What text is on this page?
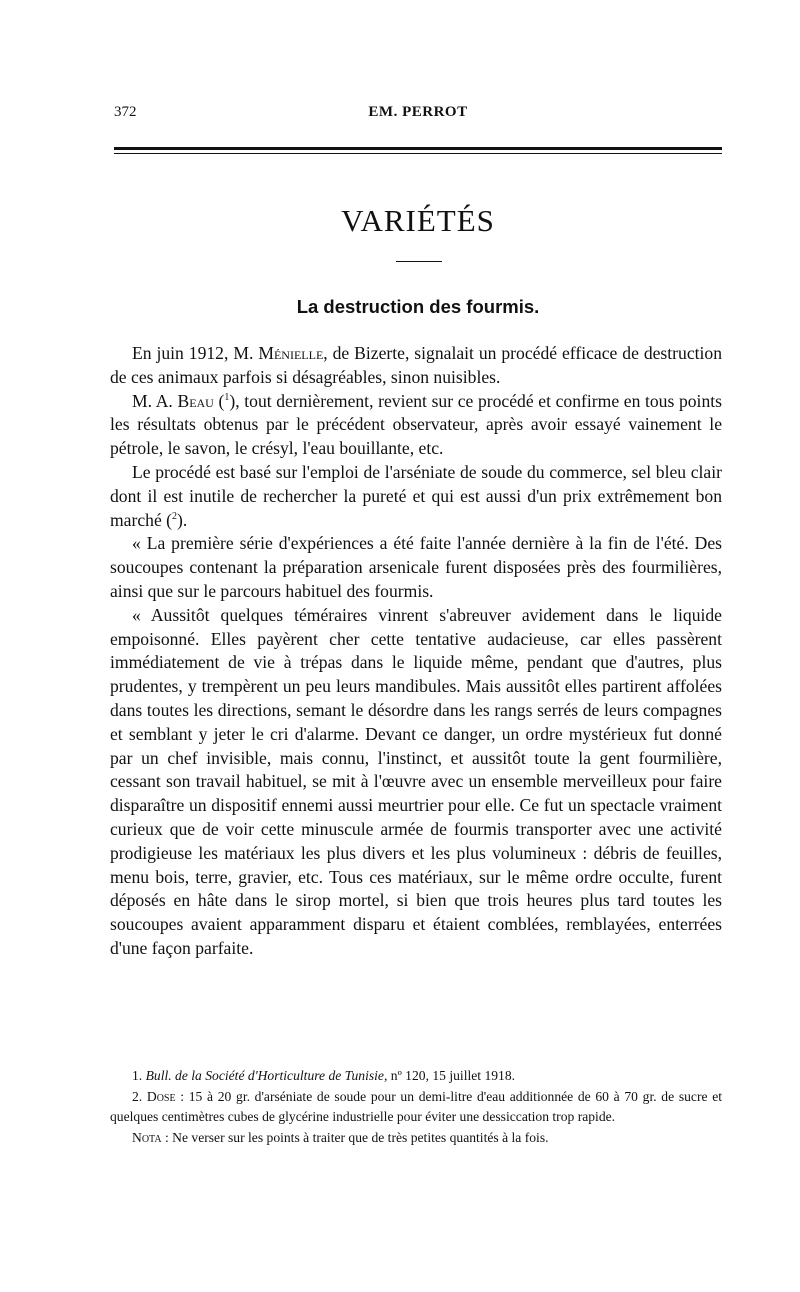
372	EM. PERROT
VARIÉTÉS
La destruction des fourmis.

En juin 1912, M. Ménielle, de Bizerte, signalait un procédé efficace de destruction de ces animaux parfois si désagréables, sinon nuisibles.

M. A. Beau ($^1$), tout dernièrement, revient sur ce procédé et confirme en tous points les résultats obtenus par le précédent observateur, après avoir essayé vainement le pétrole, le savon, le crésyl, l'eau bouillante, etc.

Le procédé est basé sur l'emploi de l'arséniate de soude du commerce, sel bleu clair dont il est inutile de rechercher la pureté et qui est aussi d'un prix extrêmement bon marché ($^2$).

« La première série d'expériences a été faite l'année dernière à la fin de l'été. Des soucoupes contenant la préparation arsenicale furent disposées près des fourmilières, ainsi que sur le parcours habituel des fourmis.

« Aussitôt quelques téméraires vinrent s'abreuver avidement dans le liquide empoisonné. Elles payèrent cher cette tentative audacieuse, car elles passèrent immédiatement de vie à trépas dans le liquide même, pendant que d'autres, plus prudentes, y trempèrent un peu leurs mandibules. Mais aussitôt elles partirent affolées dans toutes les directions, semant le désordre dans les rangs serrés de leurs compagnes et semblant y jeter le cri d'alarme. Devant ce danger, un ordre mystérieux fut donné par un chef invisible, mais connu, l'instinct, et aussitôt toute la gent fourmilière, cessant son travail habituel, se mit à l'œuvre avec un ensemble merveilleux pour faire disparaître un dispositif ennemi aussi meurtrier pour elle. Ce fut un spectacle vraiment curieux que de voir cette minuscule armée de fourmis transporter avec une activité prodigieuse les matériaux les plus divers et les plus volumineux : débris de feuilles, menu bois, terre, gravier, etc. Tous ces matériaux, sur le même ordre occulte, furent déposés en hâte dans le sirop mortel, si bien que trois heures plus tard toutes les soucoupes avaient apparamment disparu et étaient comblées, remblayées, enterrées d'une façon parfaite.

1. Bull. de la Société d'Horticulture de Tunisie, nº 120, 15 juillet 1918.

2. Dose : 15 à 20 gr. d'arséniate de soude pour un demi-litre d'eau additionnée de 60 à 70 gr. de sucre et quelques centimètres cubes de glycérine industrielle pour éviter une dessiccation trop rapide.

Nota : Ne verser sur les points à traiter que de très petites quantités à la fois.
